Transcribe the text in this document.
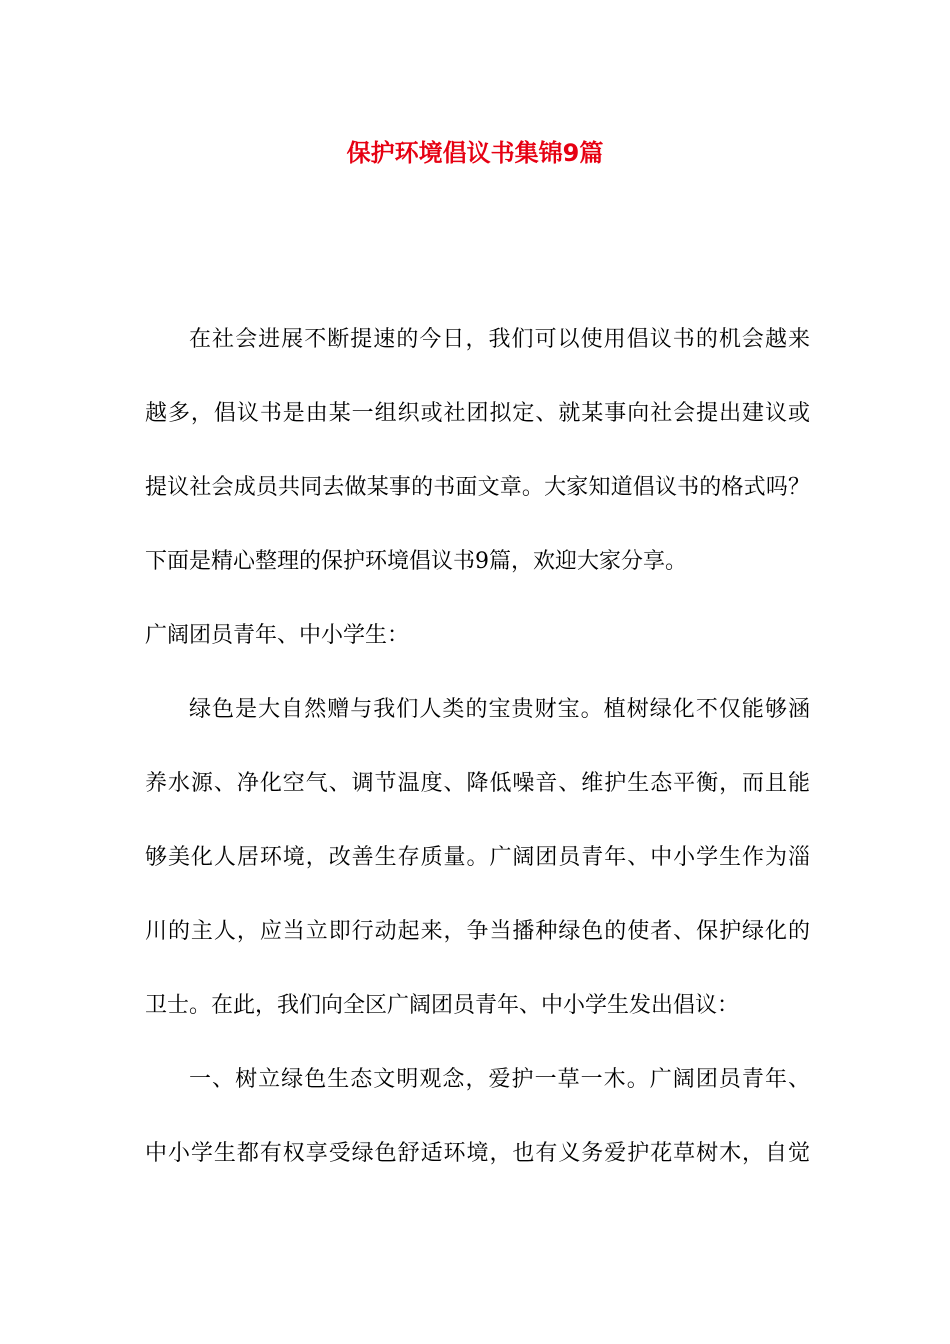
保护环境倡议书集锦9篇
在社会进展不断提速的今日，我们可以使用倡议书的机会越来
越多，倡议书是由某一组织或社团拟定、就某事向社会提出建议或
提议社会成员共同去做某事的书面文章。大家知道倡议书的格式吗？
下面是精心整理的保护环境倡议书9篇，欢迎大家分享。
广阔团员青年、中小学生：
绿色是大自然赠与我们人类的宝贵财宝。植树绿化不仅能够涵
养水源、净化空气、调节温度、降低噪音、维护生态平衡，而且能
够美化人居环境，改善生存质量。广阔团员青年、中小学生作为淄
川的主人，应当立即行动起来，争当播种绿色的使者、保护绿化的
卫士。在此，我们向全区广阔团员青年、中小学生发出倡议：
一、树立绿色生态文明观念，爱护一草一木。广阔团员青年、
中小学生都有权享受绿色舒适环境，也有义务爱护花草树木，自觉
